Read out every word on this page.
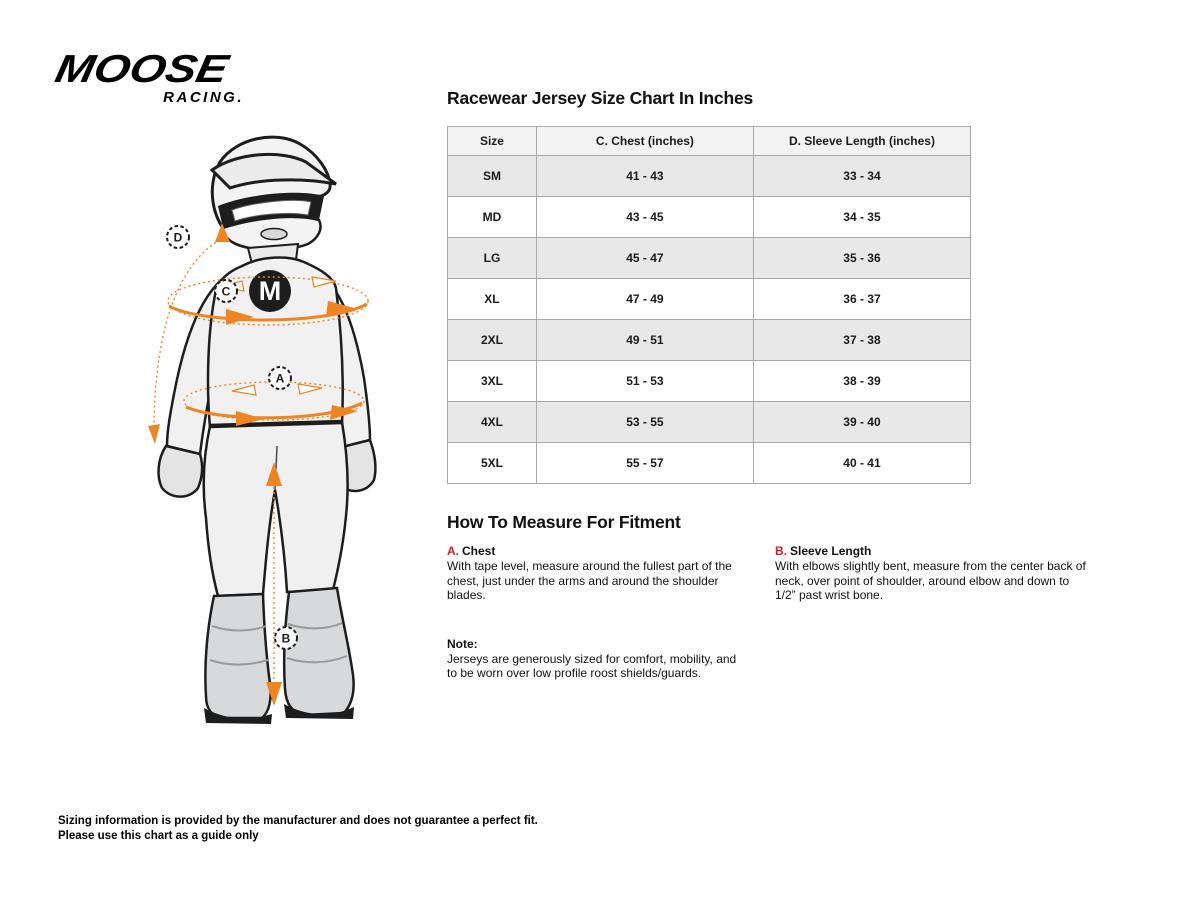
MOOSE
RACING.
M
D
C
A
B
Racewear Jersey Size Chart In Inches
Size	C. Chest (inches)	D. Sleeve Length (inches)
SM	41 - 43	33 - 34
MD	43 - 45	34 - 35
LG	45 - 47	35 - 36
XL	47 - 49	36 - 37
2XL	49 - 51	37 - 38
3XL	51 - 53	38 - 39
4XL	53 - 55	39 - 40
5XL	55 - 57	40 - 41
How To Measure For Fitment
A. Chest

With tape level, measure around the fullest part of the chest, just under the arms and around the shoulder blades.

Note:

Jerseys are generously sized for comfort, mobility, and to be worn over low profile roost shields/guards.

B. Sleeve Length

With elbows slightly bent, measure from the center back of neck, over point of shoulder, around elbow and down to 1/2” past wrist bone.

Sizing information is provided by the manufacturer and does not guarantee a perfect fit.
Please use this chart as a guide only
